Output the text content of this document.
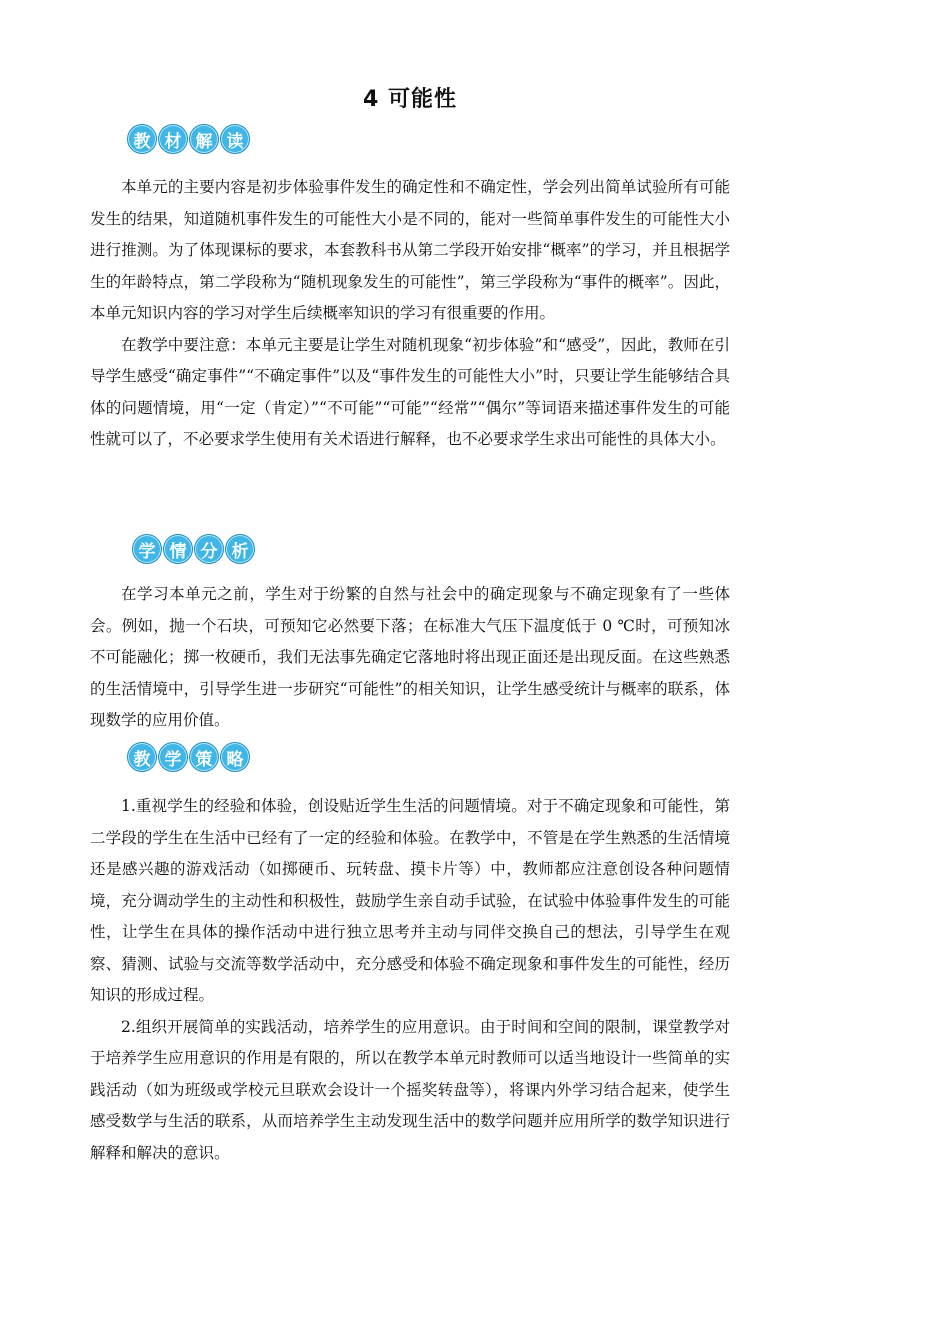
4 可能性
教 材 解 读

本单元的主要内容是初步体验事件发生的确定性和不确定性，学会列出简单试验所有可能发生的结果，知道随机事件发生的可能性大小是不同的，能对一些简单事件发生的可能性大小进行推测。为了体现课标的要求，本套教科书从第二学段开始安排“概率”的学习，并且根据学生的年龄特点，第二学段称为“随机现象发生的可能性”，第三学段称为“事件的概率”。因此，本单元知识内容的学习对学生后续概率知识的学习有很重要的作用。

在教学中要注意：本单元主要是让学生对随机现象“初步体验”和“感受”，因此，教师在引导学生感受“确定事件”“不确定事件”以及“事件发生的可能性大小”时，只要让学生能够结合具体的问题情境，用“一定（肯定）”“不可能”“可能”“经常”“偶尔”等词语来描述事件发生的可能性就可以了，不必要求学生使用有关术语进行解释，也不必要求学生求出可能性的具体大小。

学 情 分 析

在学习本单元之前，学生对于纷繁的自然与社会中的确定现象与不确定现象有了一些体会。例如，抛一个石块，可预知它必然要下落；在标准大气压下温度低于 0 ℃时，可预知冰不可能融化；掷一枚硬币，我们无法事先确定它落地时将出现正面还是出现反面。在这些熟悉的生活情境中，引导学生进一步研究“可能性”的相关知识，让学生感受统计与概率的联系，体现数学的应用价值。

教 学 策 略

1.重视学生的经验和体验，创设贴近学生生活的问题情境。对于不确定现象和可能性，第二学段的学生在生活中已经有了一定的经验和体验。在教学中，不管是在学生熟悉的生活情境还是感兴趣的游戏活动（如掷硬币、玩转盘、摸卡片等）中，教师都应注意创设各种问题情境，充分调动学生的主动性和积极性，鼓励学生亲自动手试验，在试验中体验事件发生的可能性，让学生在具体的操作活动中进行独立思考并主动与同伴交换自己的想法，引导学生在观察、猜测、试验与交流等数学活动中，充分感受和体验不确定现象和事件发生的可能性，经历知识的形成过程。

2.组织开展简单的实践活动，培养学生的应用意识。由于时间和空间的限制，课堂教学对于培养学生应用意识的作用是有限的，所以在教学本单元时教师可以适当地设计一些简单的实践活动（如为班级或学校元旦联欢会设计一个摇奖转盘等），将课内外学习结合起来，使学生感受数学与生活的联系，从而培养学生主动发现生活中的数学问题并应用所学的数学知识进行解释和解决的意识。
